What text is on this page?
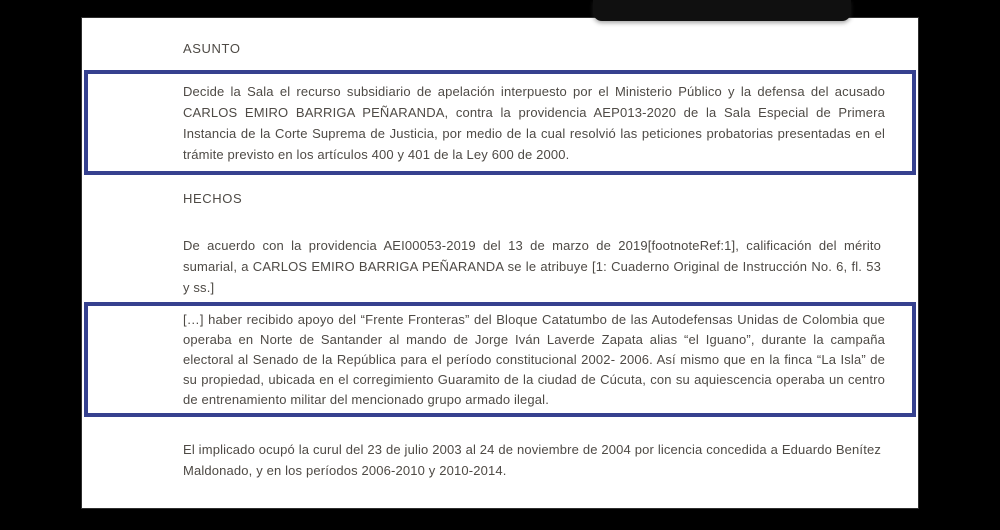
ASUNTO
Decide la Sala el recurso subsidiario de apelación interpuesto por el Ministerio Público y la defensa del acusado CARLOS EMIRO BARRIGA PEÑARANDA, contra la providencia AEP013-2020 de la Sala Especial de Primera Instancia de la Corte Suprema de Justicia, por medio de la cual resolvió las peticiones probatorias presentadas en el trámite previsto en los artículos 400 y 401 de la Ley 600 de 2000.
HECHOS
De acuerdo con la providencia AEI00053-2019 del 13 de marzo de 2019[footnoteRef:1], calificación del mérito sumarial, a CARLOS EMIRO BARRIGA PEÑARANDA se le atribuye [1: Cuaderno Original de Instrucción No. 6, fl. 53 y ss.]
[…] haber recibido apoyo del “Frente Fronteras” del Bloque Catatumbo de las Autodefensas Unidas de Colombia que operaba en Norte de Santander al mando de Jorge Iván Laverde Zapata alias “el Iguano”, durante la campaña electoral al Senado de la República para el período constitucional 2002- 2006. Así mismo que en la finca “La Isla” de su propiedad, ubicada en el corregimiento Guaramito de la ciudad de Cúcuta, con su aquiescencia operaba un centro de entrenamiento militar del mencionado grupo armado ilegal.
El implicado ocupó la curul del 23 de julio 2003 al 24 de noviembre de 2004 por licencia concedida a Eduardo Benítez Maldonado, y en los períodos 2006-2010 y 2010-2014.
